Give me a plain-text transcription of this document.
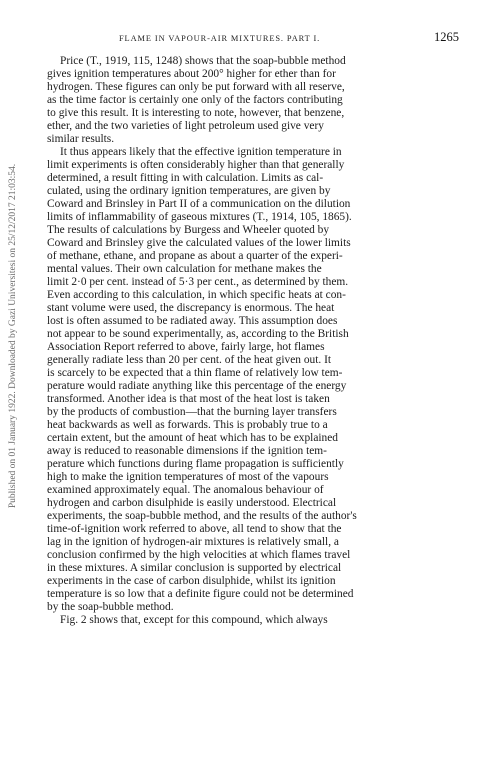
Published on 01 January 1922. Downloaded by Gazi Universitesi on 25/12/2017 21:03:54.
FLAME IN VAPOUR-AIR MIXTURES. PART I.	1265

Price (T., 1919, 115, 1248) shows that the soap-bubble method
gives ignition temperatures about 200° higher for ether than for
hydrogen. These figures can only be put forward with all reserve,
as the time factor is certainly one only of the factors contributing
to give this result. It is interesting to note, however, that benzene,
ether, and the two varieties of light petroleum used give very
similar results.

It thus appears likely that the effective ignition temperature in
limit experiments is often considerably higher than that generally
determined, a result fitting in with calculation. Limits as cal-
culated, using the ordinary ignition temperatures, are given by
Coward and Brinsley in Part II of a communication on the dilution
limits of inflammability of gaseous mixtures (T., 1914, 105, 1865).
The results of calculations by Burgess and Wheeler quoted by
Coward and Brinsley give the calculated values of the lower limits
of methane, ethane, and propane as about a quarter of the experi-
mental values. Their own calculation for methane makes the
limit 2·0 per cent. instead of 5·3 per cent., as determined by them.
Even according to this calculation, in which specific heats at con-
stant volume were used, the discrepancy is enormous. The heat
lost is often assumed to be radiated away. This assumption does
not appear to be sound experimentally, as, according to the British
Association Report referred to above, fairly large, hot flames
generally radiate less than 20 per cent. of the heat given out. It
is scarcely to be expected that a thin flame of relatively low tem-
perature would radiate anything like this percentage of the energy
transformed. Another idea is that most of the heat lost is taken
by the products of combustion—that the burning layer transfers
heat backwards as well as forwards. This is probably true to a
certain extent, but the amount of heat which has to be explained
away is reduced to reasonable dimensions if the ignition tem-
perature which functions during flame propagation is sufficiently
high to make the ignition temperatures of most of the vapours
examined approximately equal. The anomalous behaviour of
hydrogen and carbon disulphide is easily understood. Electrical
experiments, the soap-bubble method, and the results of the author's
time-of-ignition work referred to above, all tend to show that the
lag in the ignition of hydrogen-air mixtures is relatively small, a
conclusion confirmed by the high velocities at which flames travel
in these mixtures. A similar conclusion is supported by electrical
experiments in the case of carbon disulphide, whilst its ignition
temperature is so low that a definite figure could not be determined
by the soap-bubble method.

Fig. 2 shows that, except for this compound, which always
